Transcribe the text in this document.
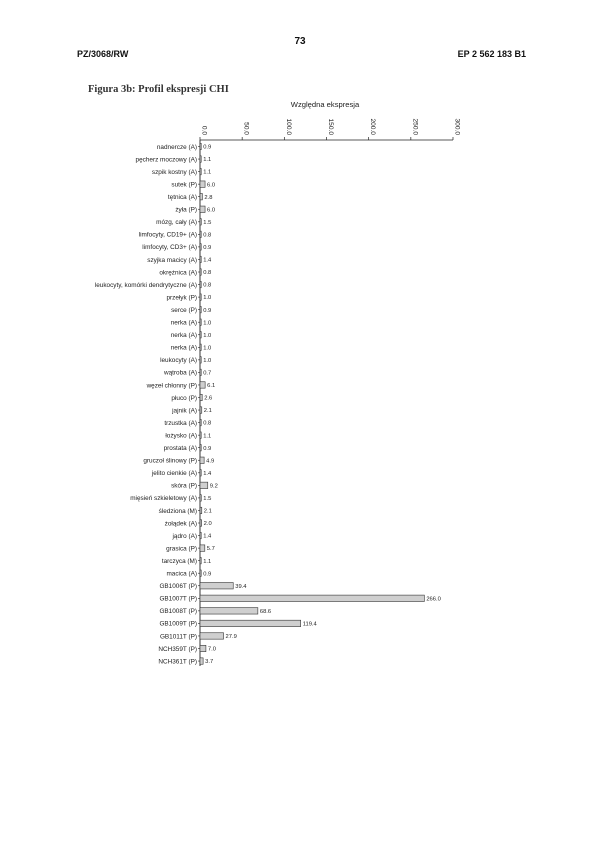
73
PZ/3068/RW	EP 2 562 183 B1
Figura 3b: Profil ekspresji CHI
Względna ekspresja
0.0	50.0	100.0	150.0	200.0	250.0	300.0
nadnercze (A) 0.9
pęcherz moczowy (A) 1.1
szpik kostny (A) 1.1
sutek (P) 6.0
tętnica (A) 2.8
żyła (P) 6.0
mózg, cały (A) 1.5
limfocyty, CD19+ (A) 0.8
limfocyty, CD3+ (A) 0.9
szyjka macicy (A) 1.4
okrężnica (A) 0.8
leukocyty, komórki dendrytyczne (A) 0.8
przełyk (P) 1.0
serce (P) 0.9
nerka (A) 1.0
nerka (A) 1.0
nerka (A) 1.0
leukocyty (A) 1.0
wątroba (A) 0.7
węzeł chłonny (P) 6.1
płuco (P) 2.6
jajnik (A) 2.1
trzustka (A) 0.8
łożysko (A) 1.1
prostata (A) 0.9
gruczoł ślinowy (P) 4.9
jelito cienkie (A) 1.4
skóra (P) 9.2
mięsień szkieletowy (A) 1.5
śledziona (M) 2.1
żołądek (A) 2.0
jądro (A) 1.4
grasica (P) 5.7
tarczyca (M) 1.1
macica (A) 0.9
GB1006T (P)	39.4
GB1007T (P)	266.0
GB1008T (P)	68.6
GB1009T (P)	119.4
GB1011T (P)	27.9
NCH359T (P) 7.0
NCH361T (P) 3.7
